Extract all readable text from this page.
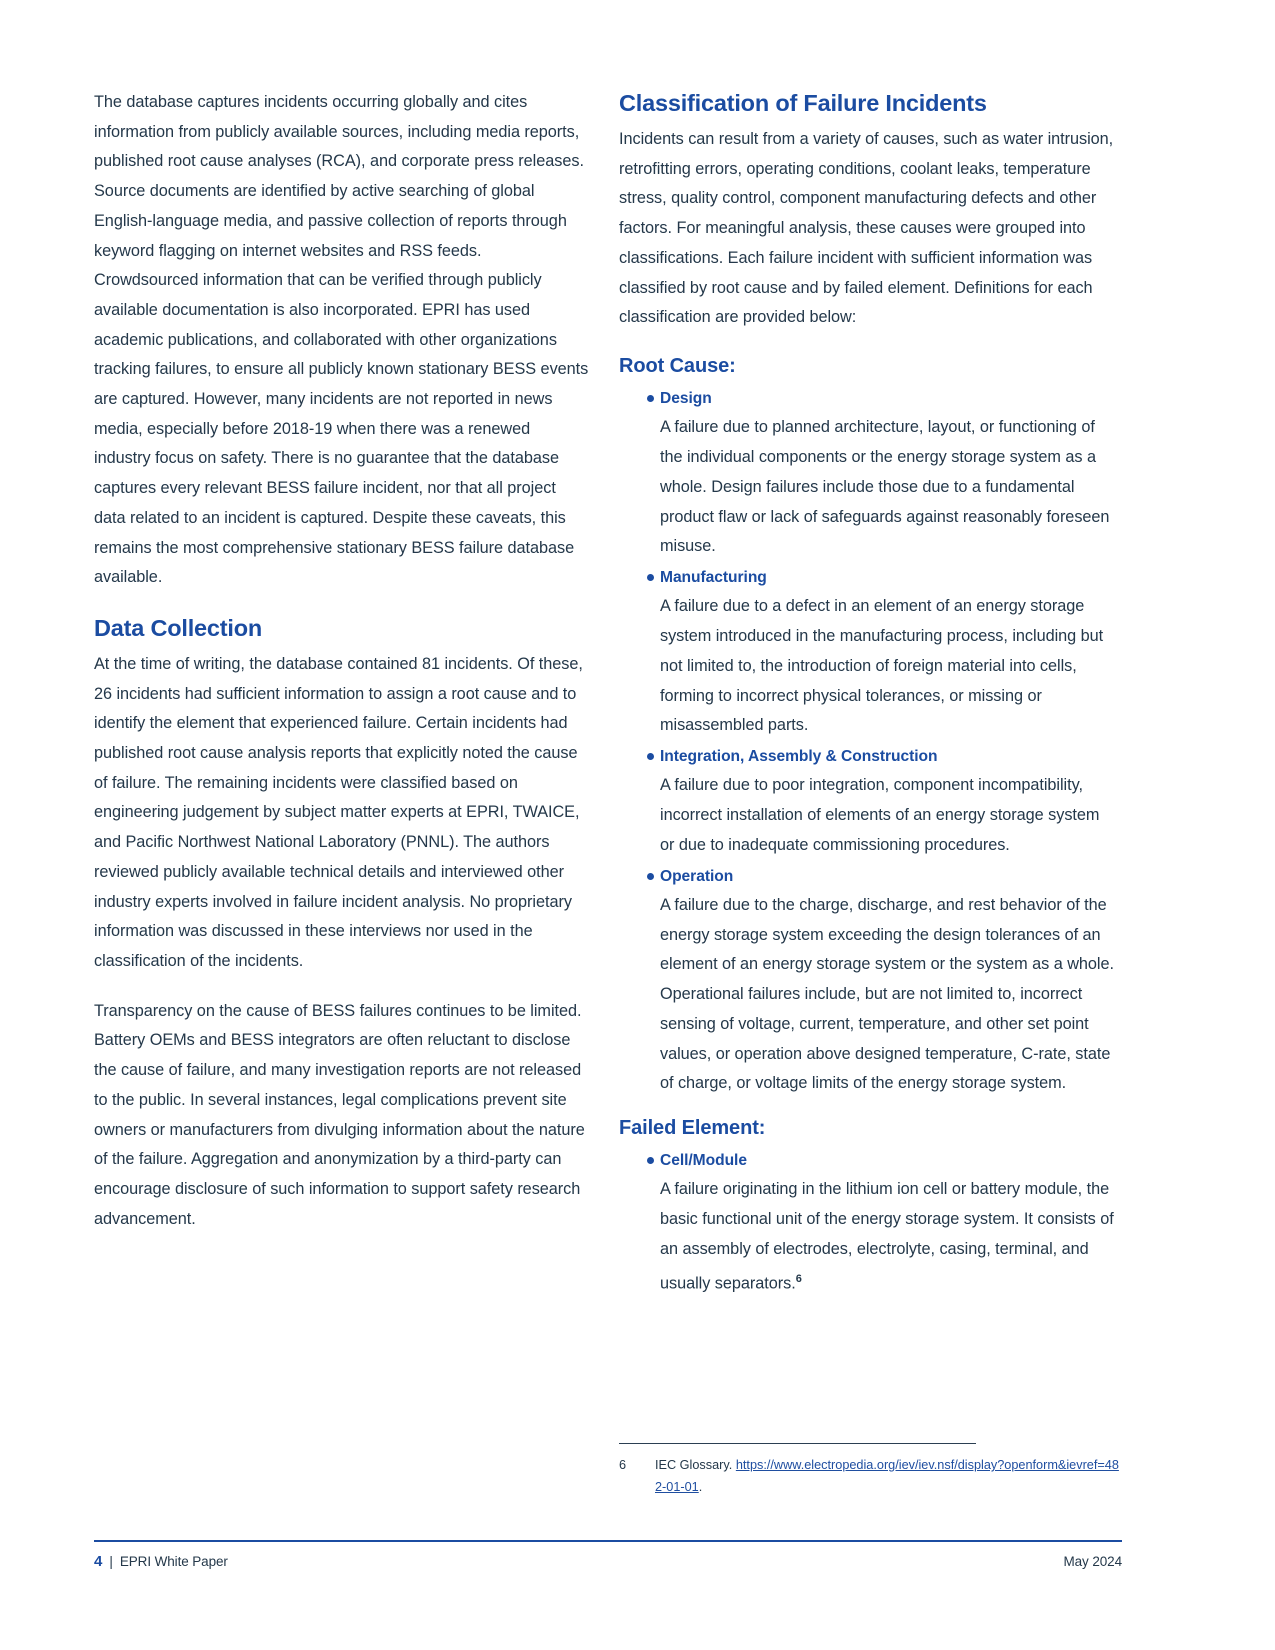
The database captures incidents occurring globally and cites information from publicly available sources, including media reports, published root cause analyses (RCA), and corporate press releases. Source documents are identified by active searching of global English-language media, and passive collection of reports through keyword flagging on internet websites and RSS feeds. Crowdsourced information that can be verified through publicly available documentation is also incorporated. EPRI has used academic publications, and collaborated with other organizations tracking failures, to ensure all publicly known stationary BESS events are captured. However, many incidents are not reported in news media, especially before 2018-19 when there was a renewed industry focus on safety. There is no guarantee that the database captures every relevant BESS failure incident, nor that all project data related to an incident is captured. Despite these caveats, this remains the most comprehensive stationary BESS failure database available.

Data Collection

At the time of writing, the database contained 81 incidents. Of these, 26 incidents had sufficient information to assign a root cause and to identify the element that experienced failure. Certain incidents had published root cause analysis reports that explicitly noted the cause of failure. The remaining incidents were classified based on engineering judgement by subject matter experts at EPRI, TWAICE, and Pacific Northwest National Laboratory (PNNL). The authors reviewed publicly available technical details and interviewed other industry experts involved in failure incident analysis. No proprietary information was discussed in these interviews nor used in the classification of the incidents.

Transparency on the cause of BESS failures continues to be limited. Battery OEMs and BESS integrators are often reluctant to disclose the cause of failure, and many investigation reports are not released to the public. In several instances, legal complications prevent site owners or manufacturers from divulging information about the nature of the failure. Aggregation and anonymization by a third-party can encourage disclosure of such information to support safety research advancement.

Classification of Failure Incidents

Incidents can result from a variety of causes, such as water intrusion, retrofitting errors, operating conditions, coolant leaks, temperature stress, quality control, component manufacturing defects and other factors. For meaningful analysis, these causes were grouped into classifications. Each failure incident with sufficient information was classified by root cause and by failed element. Definitions for each classification are provided below:

Root Cause:
Design
A failure due to planned architecture, layout, or functioning of the individual components or the energy storage system as a whole. Design failures include those due to a fundamental product flaw or lack of safeguards against reasonably foreseen misuse.
Manufacturing
A failure due to a defect in an element of an energy storage system introduced in the manufacturing process, including but not limited to, the introduction of foreign material into cells, forming to incorrect physical tolerances, or missing or misassembled parts.
Integration, Assembly & Construction
A failure due to poor integration, component incompatibility, incorrect installation of elements of an energy storage system or due to inadequate commissioning procedures.
Operation
A failure due to the charge, discharge, and rest behavior of the energy storage system exceeding the design tolerances of an element of an energy storage system or the system as a whole. Operational failures include, but are not limited to, incorrect sensing of voltage, current, temperature, and other set point values, or operation above designed temperature, C-rate, state of charge, or voltage limits of the energy storage system.
Failed Element:
Cell/Module
A failure originating in the lithium ion cell or battery module, the basic functional unit of the energy storage system. It consists of an assembly of electrodes, electrolyte, casing, terminal, and usually separators.$^6$
6	IEC Glossary. https://www.electropedia.org/iev/iev.nsf/display?openform&ievref=482-01-01.
4 | EPRI White Paper	May 2024
